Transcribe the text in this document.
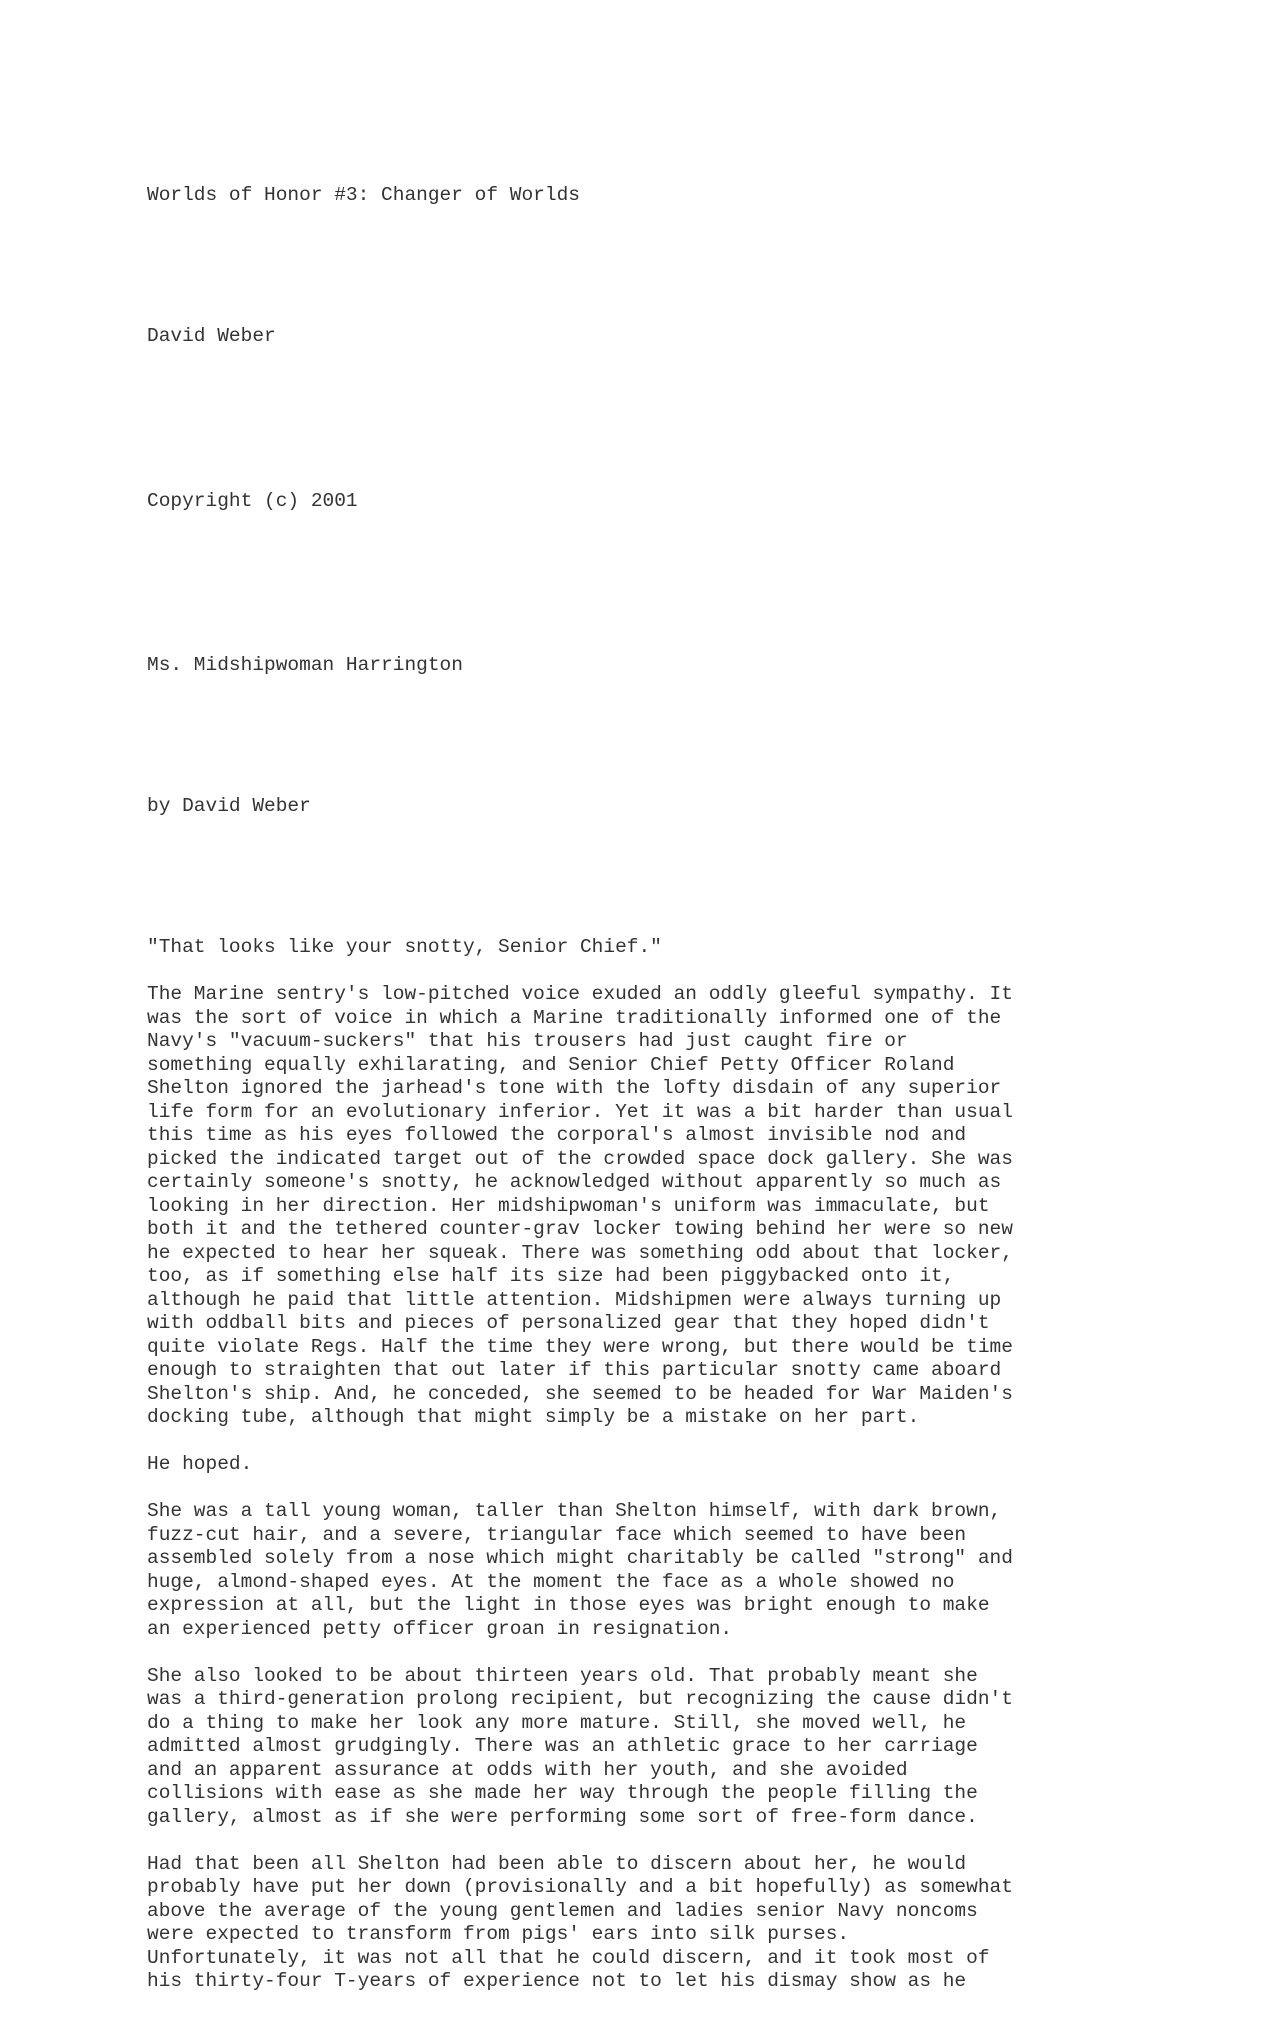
Worlds of Honor #3: Changer of Worlds

David Weber

Copyright (c) 2001

Ms. Midshipwoman Harrington

by David Weber

"That looks like your snotty, Senior Chief."
The Marine sentry's low-pitched voice exuded an oddly gleeful sympathy. It
was the sort of voice in which a Marine traditionally informed one of the
Navy's "vacuum-suckers" that his trousers had just caught fire or
something equally exhilarating, and Senior Chief Petty Officer Roland
Shelton ignored the jarhead's tone with the lofty disdain of any superior
life form for an evolutionary inferior. Yet it was a bit harder than usual
this time as his eyes followed the corporal's almost invisible nod and
picked the indicated target out of the crowded space dock gallery. She was
certainly someone's snotty, he acknowledged without apparently so much as
looking in her direction. Her midshipwoman's uniform was immaculate, but
both it and the tethered counter-grav locker towing behind her were so new
he expected to hear her squeak. There was something odd about that locker,
too, as if something else half its size had been piggybacked onto it,
although he paid that little attention. Midshipmen were always turning up
with oddball bits and pieces of personalized gear that they hoped didn't
quite violate Regs. Half the time they were wrong, but there would be time
enough to straighten that out later if this particular snotty came aboard
Shelton's ship. And, he conceded, she seemed to be headed for War Maiden's
docking tube, although that might simply be a mistake on her part.
He hoped.
She was a tall young woman, taller than Shelton himself, with dark brown,
fuzz-cut hair, and a severe, triangular face which seemed to have been
assembled solely from a nose which might charitably be called "strong" and
huge, almond-shaped eyes. At the moment the face as a whole showed no
expression at all, but the light in those eyes was bright enough to make
an experienced petty officer groan in resignation.
She also looked to be about thirteen years old. That probably meant she
was a third-generation prolong recipient, but recognizing the cause didn't
do a thing to make her look any more mature. Still, she moved well, he
admitted almost grudgingly. There was an athletic grace to her carriage
and an apparent assurance at odds with her youth, and she avoided
collisions with ease as she made her way through the people filling the
gallery, almost as if she were performing some sort of free-form dance.
Had that been all Shelton had been able to discern about her, he would
probably have put her down (provisionally and a bit hopefully) as somewhat
above the average of the young gentlemen and ladies senior Navy noncoms
were expected to transform from pigs' ears into silk purses.
Unfortunately, it was not all that he could discern, and it took most of
his thirty-four T-years of experience not to let his dismay show as he
